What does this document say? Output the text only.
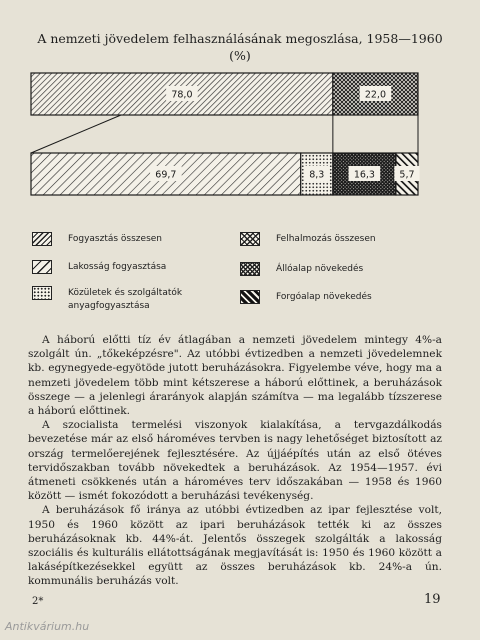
A nemzeti jövedelem felhasználásának megoszlása, 1958—1960
(%)
78,0	22,0
69,7	8,3	16,3	5,7
Fogyasztás összesen
Lakosság fogyasztása
Közületek és szolgáltatók
anyagfogyasztása
Felhalmozás összesen
Állóalap növekedés
Forgóalap növekedés

A háború előtti tíz év átlagában a nemzeti jövedelem mintegy 4%-a szolgált ún. „tőkeképzésre". Az utóbbi évtizedben a nemzeti jövedelemnek kb. egynegyede-egyötöde jutott beruházásokra. Figyelembe véve, hogy ma a nemzeti jövedelem több mint kétszerese a háború előttinek, a beruházások összege — a jelenlegi árarányok alapján számítva — ma legalább tízszerese a háború előttinek.

A szocialista termelési viszonyok kialakítása, a tervgazdálkodás bevezetése már az első hároméves tervben is nagy lehetőséget biztosított az ország termelőerejének fejlesztésére. Az újjáépítés után az első ötéves tervidőszakban tovább növekedtek a beruházások. Az 1954—1957. évi átmeneti csökkenés után a hároméves terv időszakában — 1958 és 1960 között — ismét fokozódott a beruházási tevékenység.

A beruházások fő iránya az utóbbi évtizedben az ipar fejlesztése volt, 1950 és 1960 között az ipari beruházások tették ki az összes beruházásoknak kb. 44%-át. Jelentős összegek szolgálták a lakosság szociális és kulturális ellátottságának megjavítását is: 1950 és 1960 között a lakásépítkezésekkel együtt az összes beruházások kb. 24%-a ún. kommunális beruházás volt.

2*	19
Antikvárium.hu
